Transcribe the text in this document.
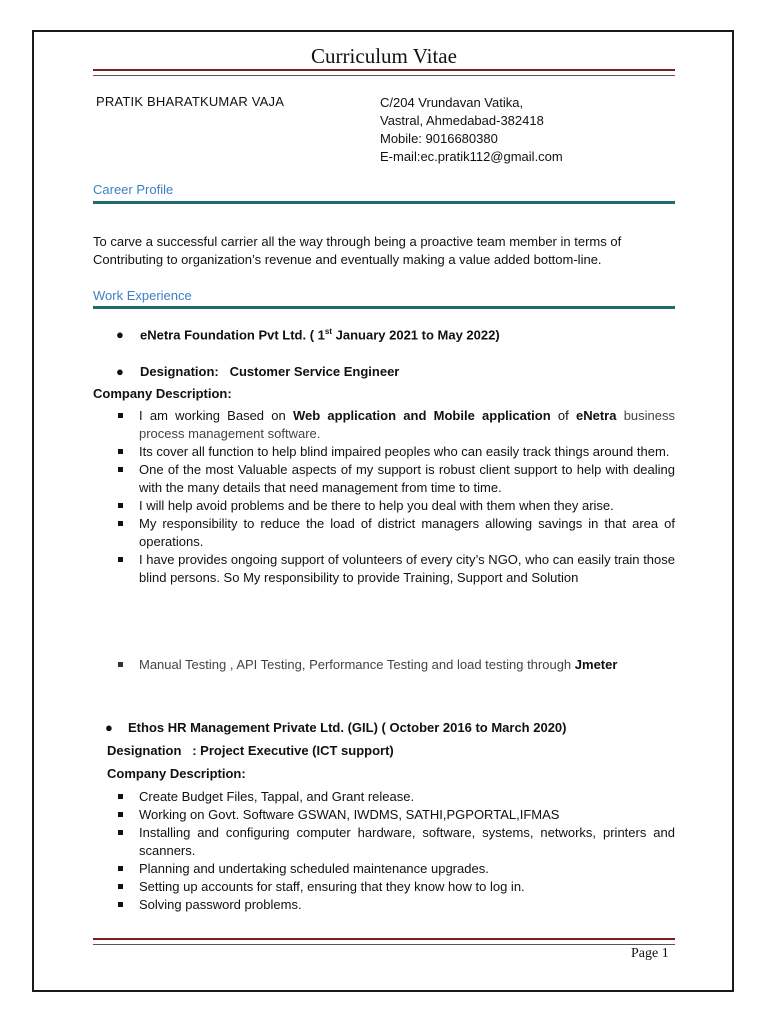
Curriculum Vitae
PRATIK BHARATKUMAR VAJA	C/204 Vrundavan Vatika,
Vastral, Ahmedabad-382418
Mobile: 9016680380
E-mail:ec.pratik112@gmail.com
Career Profile
To carve a successful carrier all the way through being a proactive team member in terms of Contributing to organization’s revenue and eventually making a value added bottom-line.
Work Experience
● eNetra Foundation Pvt Ltd. ( 1st January 2021 to May 2022)
● Designation: Customer Service Engineer
Company Description:
I am working Based on Web application and Mobile application of eNetra business process management software.
Its cover all function to help blind impaired peoples who can easily track things around them.
One of the most Valuable aspects of my support is robust client support to help with dealing with the many details that need management from time to time.
I will help avoid problems and be there to help you deal with them when they arise.
My responsibility to reduce the load of district managers allowing savings in that area of operations.
I have provides ongoing support of volunteers of every city’s NGO, who can easily train those blind persons. So My responsibility to provide Training, Support and Solution
Manual Testing , API Testing, Performance Testing and load testing through Jmeter
● Ethos HR Management Private Ltd. (GIL) ( October 2016 to March 2020)
Designation   : Project Executive (ICT support)
Company Description:
Create Budget Files, Tappal, and Grant release.
Working on Govt. Software GSWAN, IWDMS, SATHI,PGPORTAL,IFMAS
Installing and configuring computer hardware, software, systems, networks, printers and scanners.
Planning and undertaking scheduled maintenance upgrades.
Setting up accounts for staff, ensuring that they know how to log in.
Solving password problems.
Page 1
